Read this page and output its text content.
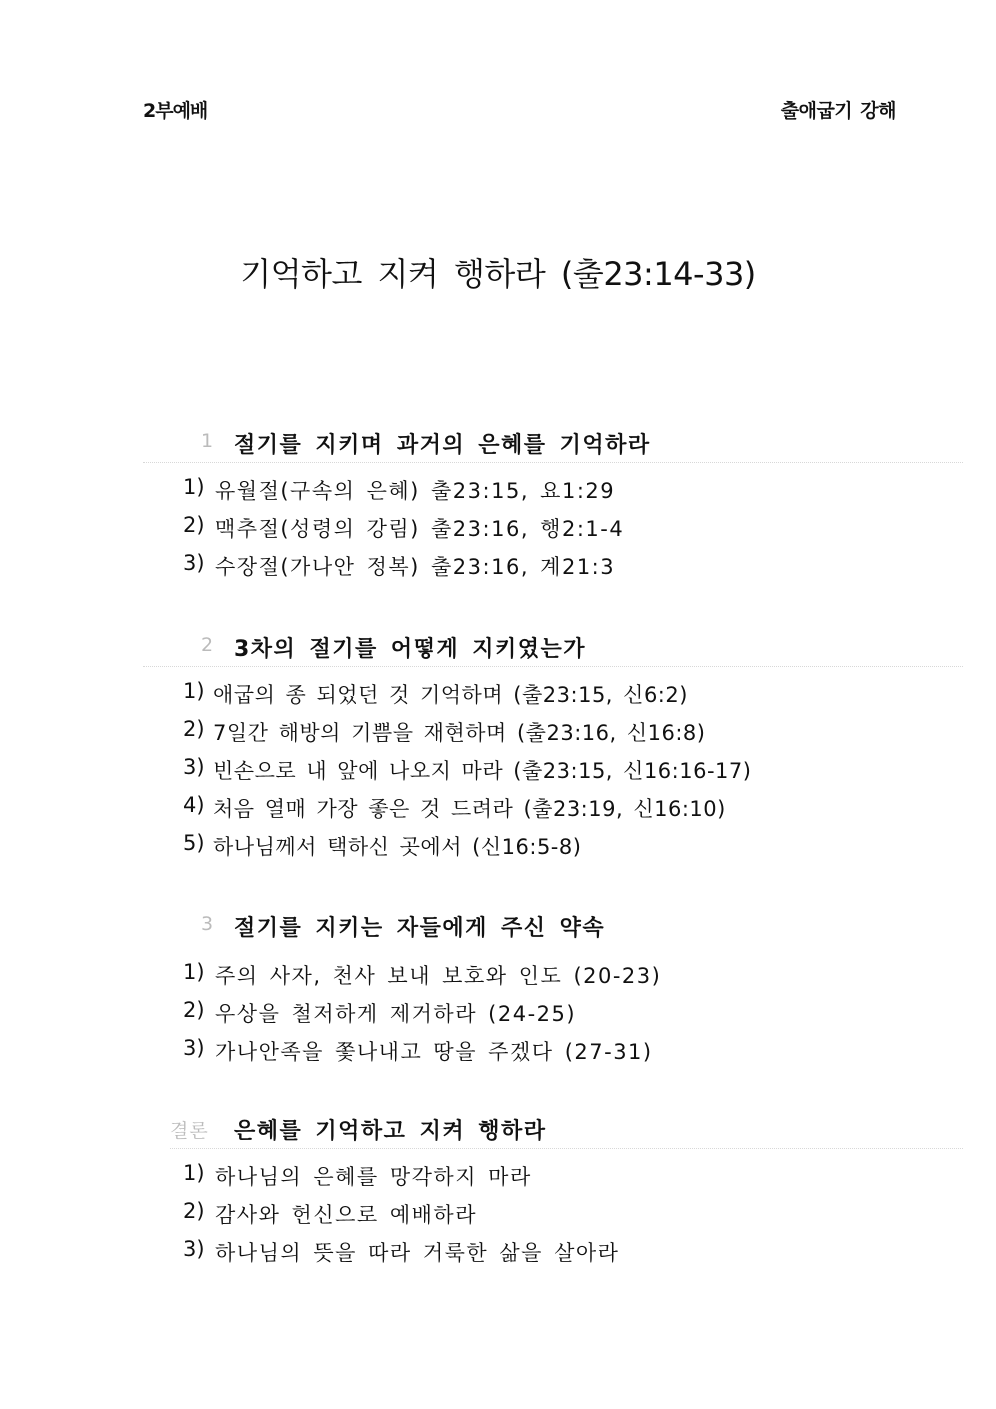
2부예배	출애굽기 강해
기억하고 지켜 행하라 (출23:14-33)
1 절기를 지키며 과거의 은혜를 기억하라
1) 유월절(구속의 은혜) 출23:15, 요1:29
2) 맥추절(성령의 강림) 출23:16, 행2:1-4
3) 수장절(가나안 정복) 출23:16, 계21:3
2 3차의 절기를 어떻게 지키였는가
1) 애굽의 종 되었던 것 기억하며 (출23:15, 신6:2)
2) 7일간 해방의 기쁨을 재현하며 (출23:16, 신16:8)
3) 빈손으로 내 앞에 나오지 마라 (출23:15, 신16:16-17)
4) 처음 열매 가장 좋은 것 드려라 (출23:19, 신16:10)
5) 하나님께서 택하신 곳에서 (신16:5-8)
3 절기를 지키는 자들에게 주신 약속
1) 주의 사자, 천사 보내 보호와 인도 (20-23)
2) 우상을 철저하게 제거하라 (24-25)
3) 가나안족을 쫓나내고 땅을 주겠다 (27-31)
결론 은혜를 기억하고 지켜 행하라
1) 하나님의 은혜를 망각하지 마라
2) 감사와 헌신으로 예배하라
3) 하나님의 뜻을 따라 거룩한 삶을 살아라
